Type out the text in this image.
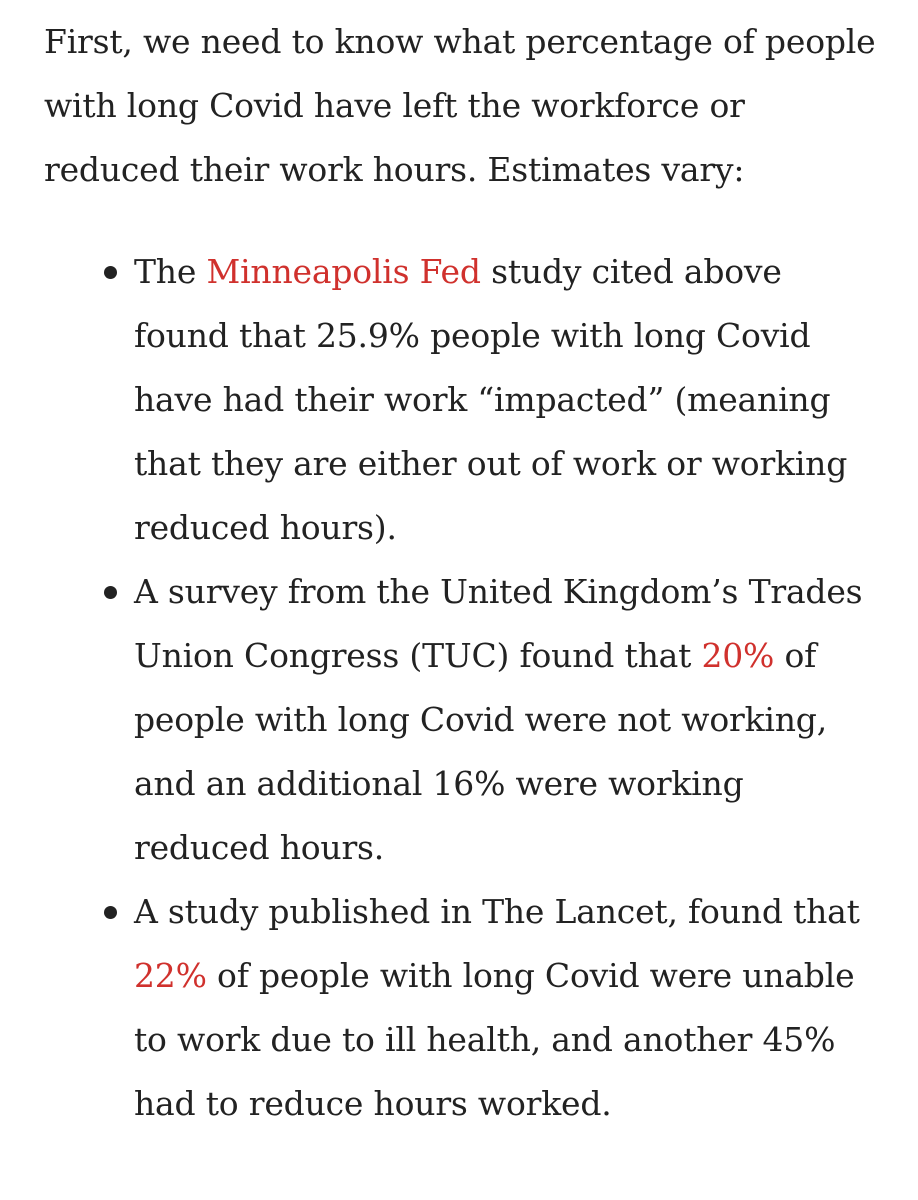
First, we need to know what percentage of people with long Covid have left the workforce or reduced their work hours. Estimates vary:

The Minneapolis Fed study cited above found that 25.9% people with long Covid have had their work “impacted” (meaning that they are either out of work or working reduced hours).
A survey from the United Kingdom’s Trades Union Congress (TUC) found that 20% of people with long Covid were not working, and an additional 16% were working reduced hours.
A study published in The Lancet, found that 22% of people with long Covid were unable to work due to ill health, and another 45% had to reduce hours worked.
